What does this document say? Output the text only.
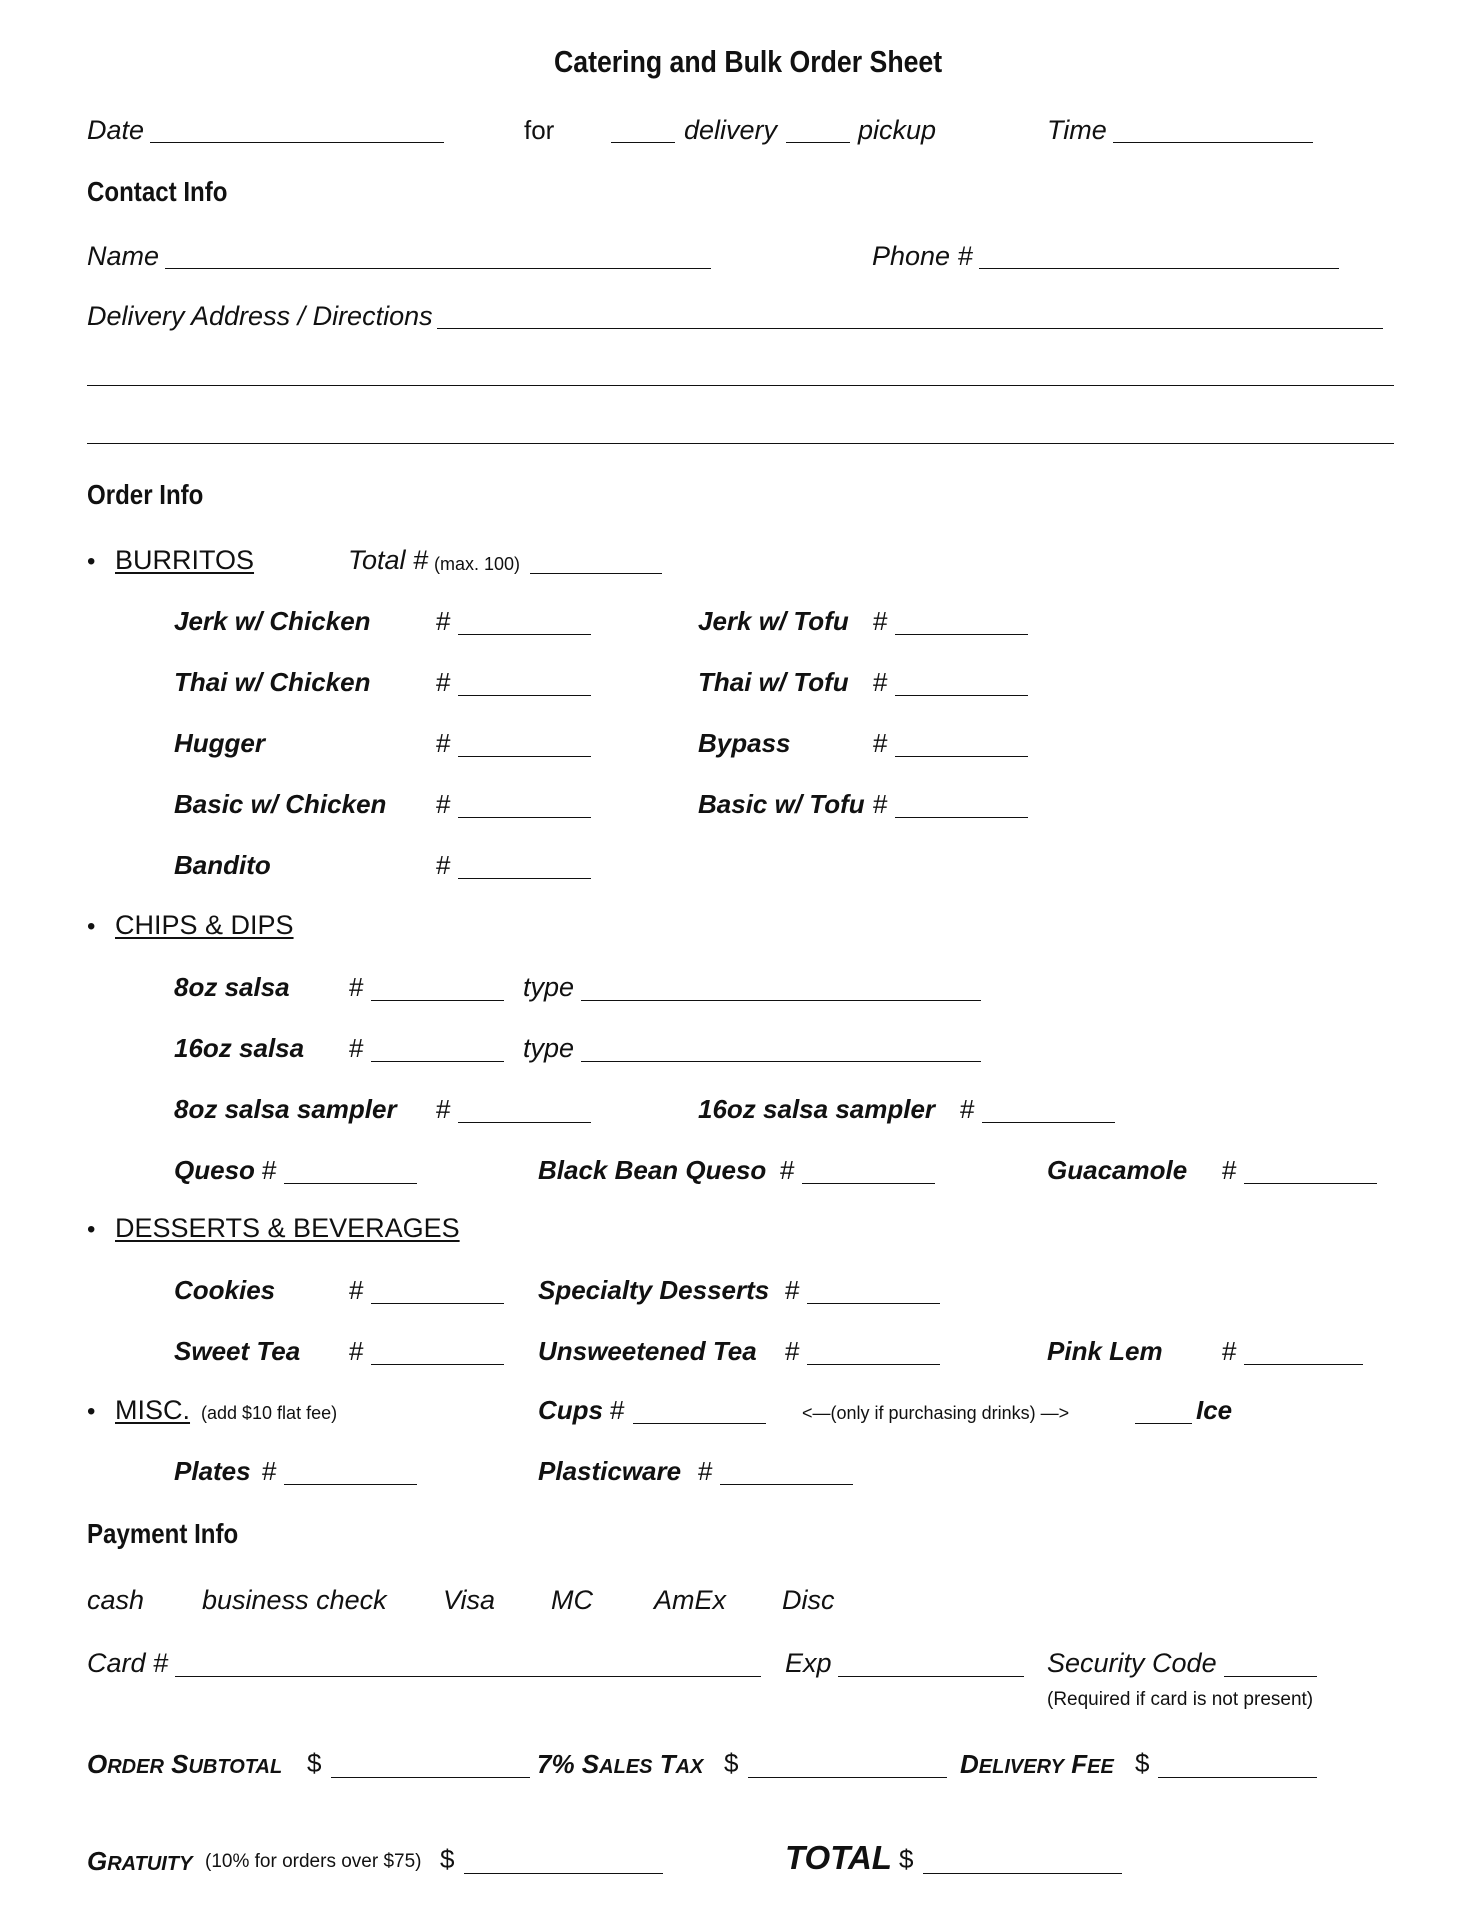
Catering and Bulk Order Sheet
Date	for	delivery	pickup	Time
Contact Info
Name	Phone #
Delivery Address / Directions
Order Info
• BURRITOS	Total # (max. 100)
Jerk w/ Chicken	#	Jerk w/ Tofu #
Thai w/ Chicken	#	Thai w/ Tofu #
Hugger	#	Bypass	#
Basic w/ Chicken #	Basic w/ Tofu #
Bandito	#
• CHIPS & DIPS
8oz salsa #	type
16oz salsa #	type
8oz salsa sampler #	16oz salsa sampler #
Queso #	Black Bean Queso #	Guacamole #
• DESSERTS & BEVERAGES
Cookies	#	Specialty Desserts #
Sweet Tea #	Unsweetened Tea #	Pink Lem #
• MISC. (add $10 flat fee)	Cups #	<—(only if purchasing drinks) —>	Ice
Plates #	Plasticware #
Payment Info
cash business check Visa MC AmEx Disc
Card #	Exp	Security Code
(Required if card is not present)
ORDER SUBTOTAL $	7% SALES TAX $	DELIVERY FEE $
GRATUITY (10% for orders over $75) $	TOTAL $
